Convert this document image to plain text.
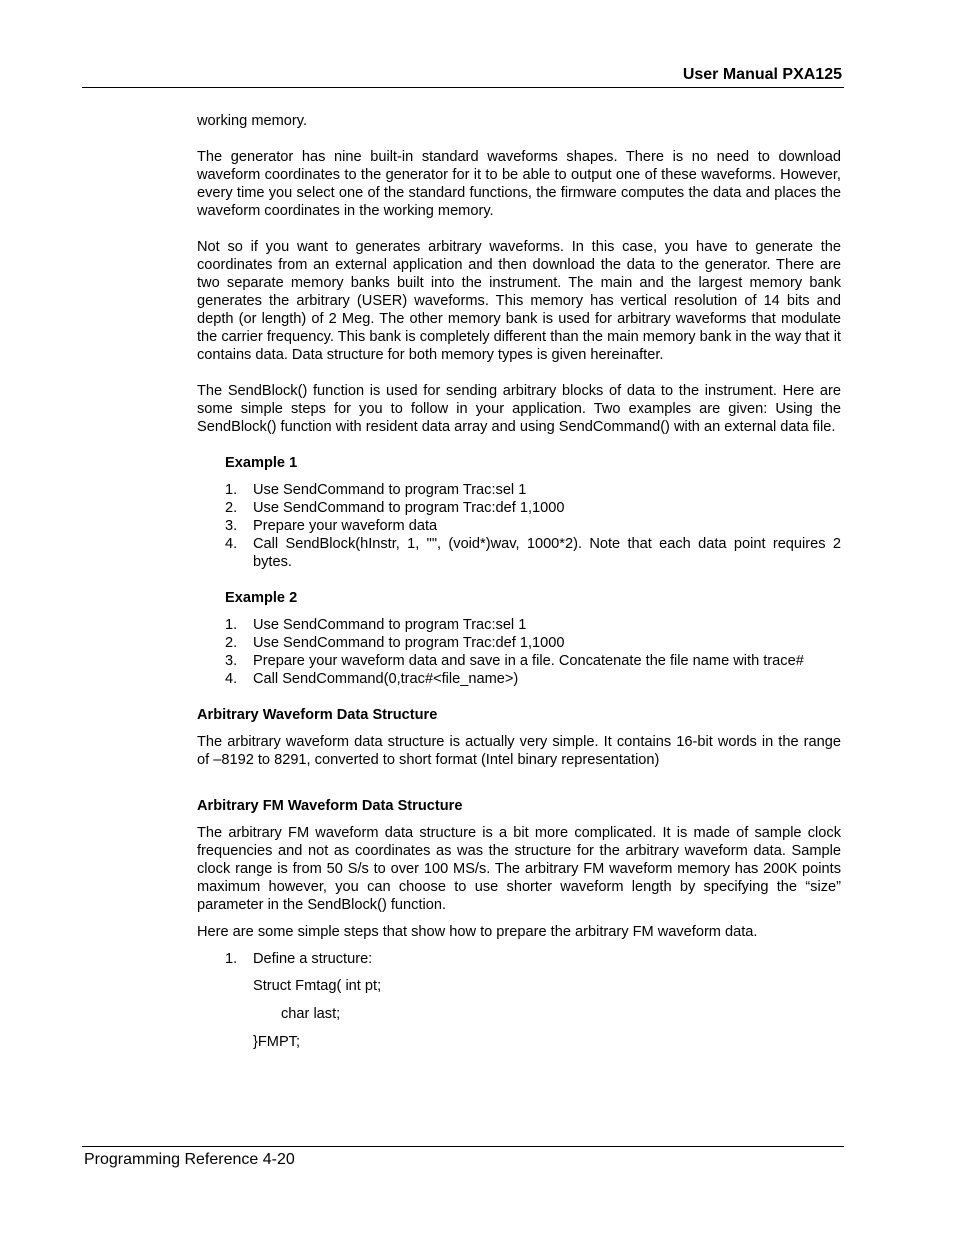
User Manual PXA125

working memory.

The generator has nine built-in standard waveforms shapes. There is no need to download waveform coordinates to the generator for it to be able to output one of these waveforms. However, every time you select one of the standard functions, the firmware computes the data and places the waveform coordinates in the working memory.

Not so if you want to generates arbitrary waveforms. In this case, you have to generate the coordinates from an external application and then download the data to the generator. There are two separate memory banks built into the instrument. The main and the largest memory bank generates the arbitrary (USER) waveforms. This memory has vertical resolution of 14 bits and depth (or length) of 2 Meg. The other memory bank is used for arbitrary waveforms that modulate the carrier frequency. This bank is completely different than the main memory bank in the way that it contains data. Data structure for both memory types is given hereinafter.

The SendBlock() function is used for sending arbitrary blocks of data to the instrument. Here are some simple steps for you to follow in your application. Two examples are given: Using the SendBlock() function with resident data array and using SendCommand() with an external data file.

Example 1
1. Use SendCommand to program Trac:sel 1
2. Use SendCommand to program Trac:def 1,1000
3. Prepare your waveform data
4. Call SendBlock(hInstr, 1, "", (void*)wav, 1000*2). Note that each data point requires 2 bytes.
Example 2
1. Use SendCommand to program Trac:sel 1
2. Use SendCommand to program Trac:def 1,1000
3. Prepare your waveform data and save in a file. Concatenate the file name with trace#
4. Call SendCommand(0,trac#<file_name>)
Arbitrary Waveform Data Structure

The arbitrary waveform data structure is actually very simple. It contains 16-bit words in the range of –8192 to 8291, converted to short format (Intel binary representation)

Arbitrary FM Waveform Data Structure

The arbitrary FM waveform data structure is a bit more complicated. It is made of sample clock frequencies and not as coordinates as was the structure for the arbitrary waveform data. Sample clock range is from 50 S/s to over 100 MS/s. The arbitrary FM waveform memory has 200K points maximum however, you can choose to use shorter waveform length by specifying the “size” parameter in the SendBlock() function.

Here are some simple steps that show how to prepare the arbitrary FM waveform data.

1. Define a structure:
Struct Fmtag( int pt;
char last;
}FMPT;
Programming Reference 4-20
